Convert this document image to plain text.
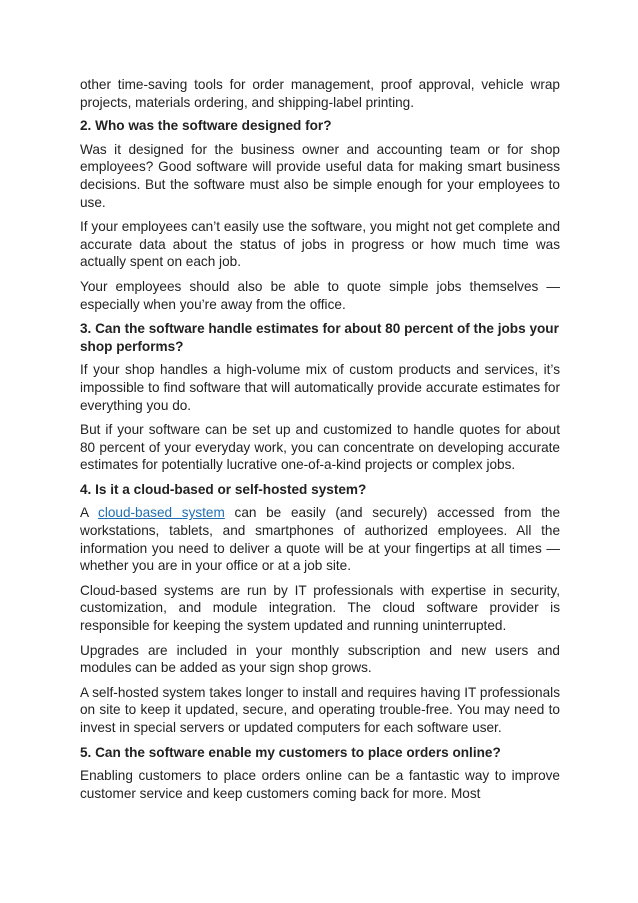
other time-saving tools for order management, proof approval, vehicle wrap projects, materials ordering, and shipping-label printing.

2. Who was the software designed for?

Was it designed for the business owner and accounting team or for shop employees? Good software will provide useful data for making smart business decisions. But the software must also be simple enough for your employees to use.

If your employees can’t easily use the software, you might not get complete and accurate data about the status of jobs in progress or how much time was actually spent on each job.

Your employees should also be able to quote simple jobs themselves — especially when you’re away from the office.

3. Can the software handle estimates for about 80 percent of the jobs your shop performs?

If your shop handles a high-volume mix of custom products and services, it’s impossible to find software that will automatically provide accurate estimates for everything you do.

But if your software can be set up and customized to handle quotes for about 80 percent of your everyday work, you can concentrate on developing accurate estimates for potentially lucrative one-of-a-kind projects or complex jobs.

4. Is it a cloud-based or self-hosted system?

A cloud-based system can be easily (and securely) accessed from the workstations, tablets, and smartphones of authorized employees. All the information you need to deliver a quote will be at your fingertips at all times — whether you are in your office or at a job site.

Cloud-based systems are run by IT professionals with expertise in security, customization, and module integration. The cloud software provider is responsible for keeping the system updated and running uninterrupted.

Upgrades are included in your monthly subscription and new users and modules can be added as your sign shop grows.

A self-hosted system takes longer to install and requires having IT professionals on site to keep it updated, secure, and operating trouble-free. You may need to invest in special servers or updated computers for each software user.

5. Can the software enable my customers to place orders online?

Enabling customers to place orders online can be a fantastic way to improve customer service and keep customers coming back for more. Most
